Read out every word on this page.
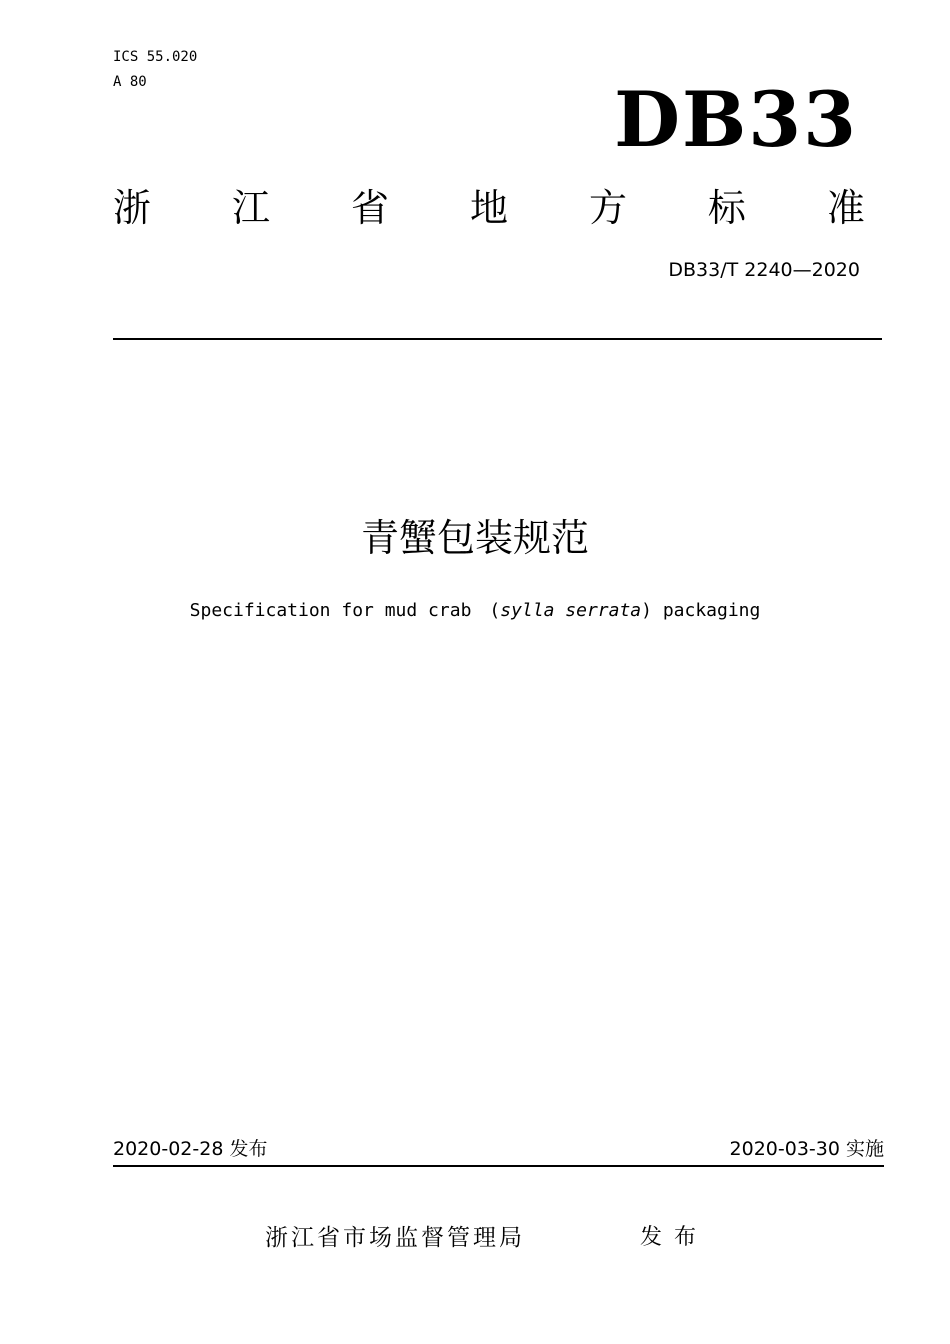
ICS 55.020
A 80	DB33
浙 江 省 地 方 标 准
DB33/T 2240—2020
青蟹包装规范
Specification for mud crab　(sylla serrata) packaging
2020-02-28 发布	2020-03-30 实施
浙江省市场监督管理局	发布
